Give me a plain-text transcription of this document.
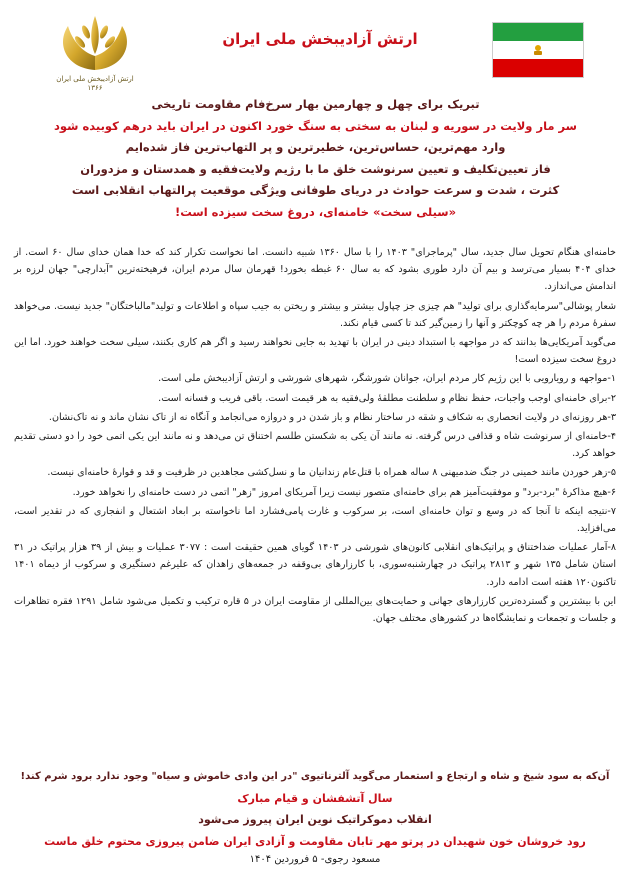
ارتش آزادیبخش ملی ایران
۱۳۶۶
ارتش آزادیبخش ملی ایران
تبریک برای چهل و چهارمین بهار سرخ‌فام مقاومت تاریخی
سر مار ولایت در سوریه و لبنان به سختی به سنگ خورد اکنون در ایران باید درهم کوبیده شود
وارد مهم‌ترین، حساس‌ترین، خطیرترین و پر التهاب‌ترین فاز شده‌ایم
فاز تعیین‌تکلیف و تعیین سرنوشت خلق ما با رژیم ولایت‌فقیه و همدستان و مزدوران
کثرت ، شدت و سرعت حوادث در دریای طوفانی ویژگی موقعیت پرالتهاب انقلابی است
«سیلی سخت» خامنه‌ای، دروغ سخت سیزده است!

خامنه‌ای هنگام تحویل سال جدید، سال "پرماجرای" ۱۴۰۳ را با سال ۱۳۶۰ شبیه دانست. اما نخواست تکرار کند که خدا همان خدای سال ۶۰ است. از خدای ۴۰۴ بسیار می‌ترسد و بیم آن دارد طوری بشود که به سال ۶۰ غبطه بخورد! قهرمان سال مردم ایران، فرهیخته‌ترین "آبدارچی" جهان لرزه بر اندامش می‌اندازد.

شعار پوشالی"سرمایه‌گذاری برای تولید" هم چیزی جز چپاول بیشتر و بیشتر و ریختن به جیب سپاه و اطلاعات و تولید"مالباختگان" جدید نیست. می‌خواهد سفرهٔ مردم را هر چه کوچکتر و آنها را زمین‌گیر کند تا کسی قیام نکند.

می‌گوید آمریکایی‌ها بدانند که در مواجهه با استبداد دینی در ایران با تهدید به جایی نخواهند رسید و اگر هم کاری بکنند، سیلی سخت خواهند خورد. اما این دروغ سخت سیزده است!

۱-مواجهه و رویارویی با این رژیم کار مردم ایران، جوانان شورشگر، شهرهای شورشی و ارتش آزادیبخش ملی است.

۲-برای خامنه‌ای اوجب واجبات، حفظ نظام و سلطنت مطلقهٔ ولی‌فقیه به هر قیمت است. باقی فریب و فسانه است.

۳-هر روزنه‌ای در ولایت انحصاری به شکاف و شقه در ساختار نظام و باز شدن در و دروازه می‌انجامد و آنگاه نه از تاک نشان ماند و نه تاک‌نشان.

۴-خامنه‌ای از سرنوشت شاه و قذافی درس گرفته. نه مانند آن یکی به شکستن طلسم اختناق تن می‌دهد و نه مانند این یکی اتمی خود را دو دستی تقدیم خواهد کرد.

۵-زهر خوردن مانند خمینی در جنگ ضدمیهنی ۸ ساله همراه با قتل‌عام زندانیان ما و نسل‌کشی مجاهدین در ظرفیت و قد و قوارهٔ خامنه‌ای نیست.

۶-هیچ مذاکرهٔ "برد-برد" و موفقیت‌آمیز هم برای خامنه‌ای متصور نیست زیرا آمریکای امروز "زهر" اتمی در دست خامنه‌ای را نخواهد خورد.

۷-نتیجه اینکه تا آنجا که در وسع و توان خامنه‌ای است، بر سرکوب و غارت پامی‌فشارد اما ناخواسته بر ابعاد اشتعال و انفجاری که در تقدیر است، می‌افزاید.

۸-آمار عملیات ضداختناق و پراتیک‌های انقلابی کانون‌های شورشی در ۱۴۰۳ گویای همین حقیقت است : ۳۰۷۷ عملیات و بیش از ۳۹ هزار پراتیک در ۳۱ استان شامل ۱۳۵ شهر و ۲۸۱۳ پراتیک در چهارشنبه‌سوری، با کارزارهای بی‌وقفه در جمعه‌های زاهدان که علیرغم دستگیری و سرکوب از دیماه ۱۴۰۱ تاکنون۱۲۰ هفته است ادامه دارد.

این با بیشترین و گسترده‌ترین کارزارهای جهانی و حمایت‌های بین‌المللی از مقاومت ایران در ۵ قاره ترکیب و تکمیل می‌شود شامل ۱۲۹۱ فقره تظاهرات و جلسات و تجمعات و نمایشگاه‌ها در کشورهای مختلف جهان.

آن‌که به سود شیخ و شاه و ارتجاع و استعمار می‌گوید آلترناتیوی "در این وادی خاموش و سیاه" وجود ندارد برود شرم کند!
سال آتشفشان و قیام مبارک
انقلاب دموکراتیک نوین ایران پیروز می‌شود
رود خروشان خون شهیدان در پرتو مهر تابان مقاومت و آزادی ایران ضامن پیروزی محتوم خلق ماست
مسعود رجوی- ۵ فروردین ۱۴۰۴
